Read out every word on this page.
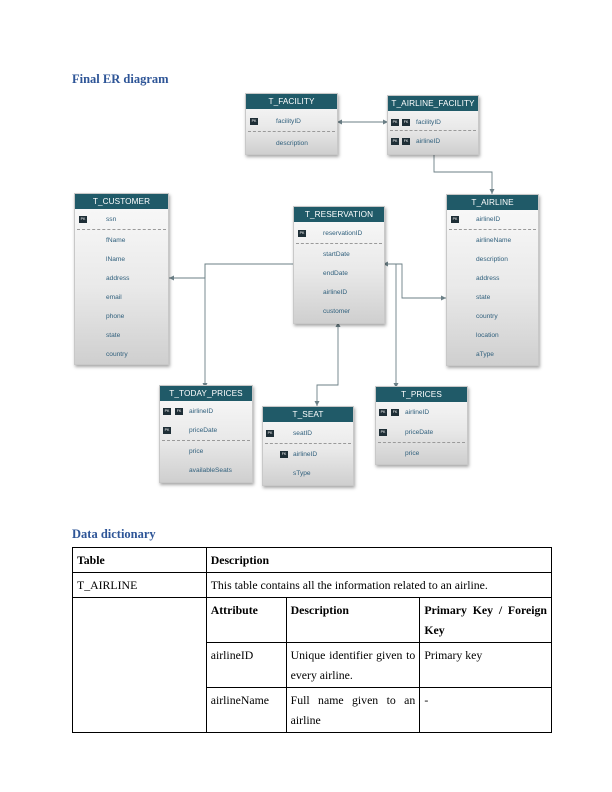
Final ER diagram
T_FACILITY
PK	facilityID
description
T_AIRLINE_FACILITY
PK	FK facilityID
PK	FK airlineID
T_CUSTOMER
PK	ssn
fName
lName
address
email
phone
state
country
T_RESERVATION
PK	reservationID
startDate
endDate
airlineID
customer
T_AIRLINE
PK	airlineID
airlineName
description
address
state
country
location
aType
T_TODAY_PRICES
PK	FK airlineID
PK	priceDate
price
availableSeats
T_SEAT
PK	seatID
FK airlineID
sType
T_PRICES
PK	FK airlineID
PK	priceDate
price
Data dictionary
Table	Description		
T_AIRLINE	This table contains all the information related to an airline.		
	Attribute	Description	Primary Key / Foreign Key
	airlineID	Unique identifier given to every airline.	Primary key
	airlineName	Full name given to an airline	-
